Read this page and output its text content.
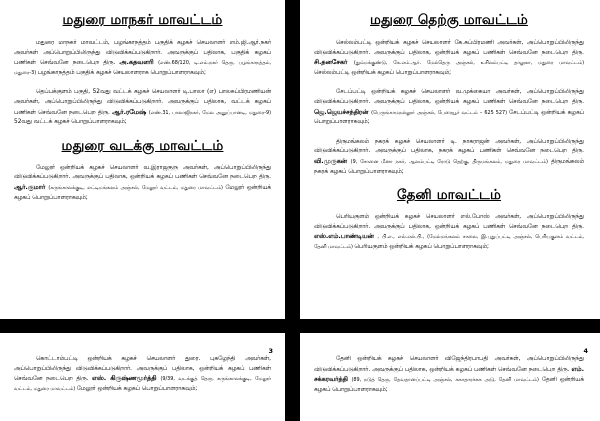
மதுரை மாநகர் மாவட்டம்

மதுரை மாநகர் மாவட்டம், பழங்காநத்தம் பகுதிக் கழகச் செயலாளர் எம்.ஜி.ஆர்.நகர் அவர்கள் அப்பொறுப்பிலிருந்து விடுவிக்கப்படுகிறார். அவருக்குப் பதிலாக, பகுதிக் கழகப் பணிகள் செவ்வனே நடைபெற திரு. அ.கதவளரி (எண்.68/120, டி.எம்.நகர் தெரு, பழங்காநத்தம், மதுரை-3) பழங்காநத்தம் பகுதிக் கழகச் செயலாளராக பொறுப்பாளராகவும்;

தெப்பக்குளம் பகுதி, 52வது வட்டக் கழகச் செயலாளர் டி.பாலா (எ) பாலசுப்பிரமணியன் அவர்கள், அப்பொறுப்பிலிருந்து விடுவிக்கப்படுகிறார். அவருக்குப் பதிலாக, வட்டக் கழகப் பணிகள் செவ்வனே நடைபெற திரு. ஆர்.ரமேஷ் (எண்.31, பாலாஜிநகர், மேல அனுப்பானடி, மதுரை-9) 52வது வட்டக் கழகச் பொறுப்பாளராகவும்;

மதுரை வடக்கு மாவட்டம்

மேலூர் ஒன்றியக் கழகச் செயலாளர் வ.இராஜகுரு அவர்கள், அப்பொறுப்பிலிருந்து விடுவிக்கப்படுகிறார். அவருக்குப் பதிலாக, ஒன்றியக் கழகப் பணிகள் செவ்வனே நடைபெற திரு. ஆர்.குமார் (கருங்காலக்குடி, எட்டிமங்கலம் அஞ்சல், மேலூர் வட்டம், மதுரை மாவட்டம்) மேலூர் ஒன்றியக் கழகப் பொறுப்பாளராகவும்;

மதுரை தெற்கு மாவட்டம்

செல்லம்பட்டி ஒன்றியக் கழகச் செயலாளர் கே.சுப்பிரமணி அவர்கள், அப்பொறுப்பிலிருந்து விடுவிக்கப்படுகிறார். அவருக்குப் பதிலாக, ஒன்றியக் கழகப் பணிகள் செவ்வனே நடைபெற திரு. சி.தனசேகர் (தும்மக்குண்டு, கே.எம்.ஆர். மேல்தெரு அஞ்சல், உசிலம்பட்டி தாலுகா, மதுரை மாவட்டம்) செல்லம்பட்டி ஒன்றியக் கழகப் பொறுப்பாளராகவும்;

சேடப்பட்டி ஒன்றியக் கழகச் செயலாளர் வ.முக்கையா அவர்கள், அப்பொறுப்பிலிருந்து விடுவிக்கப்படுகிறார். அவருக்குப் பதிலாக, ஒன்றியக் கழகப் பணிகள் செவ்வனே நடைபெற திரு. ஜெ.ஜெயச்சந்திரன் (பெருங்காமநல்லூர் அஞ்சல், பேரையூர் வட்டம் – 625 527) சேடப்பட்டி ஒன்றியக் கழகப் பொறுப்பாளராகவும்;

திருமங்கலம் நகரக் கழகச் செயலாளர் டி. நாகராஜன் அவர்கள், அப்பொறுப்பிலிருந்து விடுவிக்கப்படுகிறார். அவருக்குப் பதிலாக, நகரக் கழகப் பணிகள் செவ்வனே நடைபெற திரு. வி.முருகன் (9, சோனை மீனா நகர், ஆலம்பட்டி ரோடு தெற்கு, திருமங்கலம், மதுரை மாவட்டம்) திருமங்கலம் நகரக் கழகப் பொறுப்பாளராகவும்;

தேனி மாவட்டம்

பெரியகுளம் ஒன்றியக் கழகச் செயலாளர் எல்.போஸ் அவர்கள், அப்பொறுப்பிலிருந்து விடுவிக்கப்படுகிறார். அவருக்குப் பதிலாக, ஒன்றியக் கழகப் பணிகள் செவ்வனே நடைபெற திரு. எஸ்.எம்.பாண்டியன் , பி.எ., எல்.எல்.பி., (மேல்மங்கலம் சாலை, இ.புதுப்பட்டி அஞ்சல், பெரியகுளம் வட்டம், தேனி மாவட்டம்) பெரியகுளம் ஒன்றியக் கழகப் பொறுப்பாளராகவும்;

3

கொட்டாம்பட்டி ஒன்றியக் கழகச் செயலாளர் துரை. புகழேந்தி அவர்கள், அப்பொறுப்பிலிருந்து விடுவிக்கப்படுகிறார். அவருக்குப் பதிலாக, ஒன்றியக் கழகப் பணிகள் செவ்வனே நடைபெற திரு. எஸ். கிருஷ்ணமூர்த்தி (9/39, வடக்குத் தெரு, கருங்காலக்குடி, மேலூர் வட்டம், மதுரை மாவட்டம்) மேலூர் ஒன்றியக் கழகப் பொறுப்பாளராகவும்;

4

தேனி ஒன்றியக் கழகச் செயலாளர் விஜேந்திரபாபதி அவர்கள், அப்பொறுப்பிலிருந்து விடுவிக்கப்படுகிறார். அவருக்குப் பதிலாக, ஒன்றியக் கழகப் பணிகள் செவ்வனே நடைபெற திரு. எம். சக்கரவர்த்தி (89, நடுத் தெரு, தேவதானப்பட்டி அஞ்சல், சுகாதாரச்சுக அடு, தேனி மாவட்டம்) தேனி ஒன்றியக் கழகப் பொறுப்பாளராகவும்;
